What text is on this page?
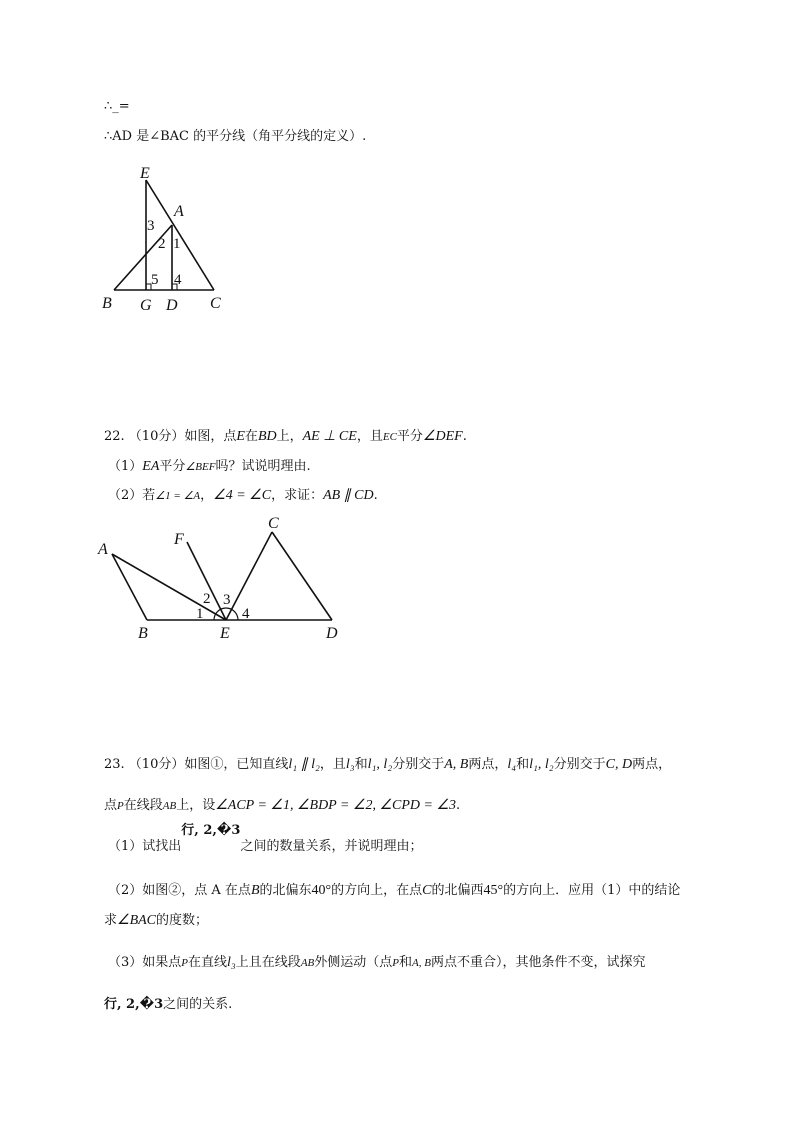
∴_=
∴AD 是∠BAC 的平分线（角平分线的定义）.
E
A
B G D C
3
2 1
5 4
22. （10分）如图，点E在BD上，AE ⊥ CE，且EC平分∠DEF.
（1）EA平分∠BEF吗？试说明理由.
（2）若∠1 = ∠A，∠4 = ∠C，求证：AB ∥ CD.
A
F
C
B	E	D
2 3
1	4
23. （10分）如图①，已知直线l₁ ∥ l₂，且l₃和l₁, l₂分别交于A, B两点，l₄和l₁, l₂分别交于C, D两点，
点P在线段AB上，设∠ACP = ∠1, ∠BDP = ∠2, ∠CPD = ∠3.
（1）试找出行, 2,�3之间的数量关系，并说明理由；
（2）如图②，点 A 在点B的北偏东40°的方向上，在点C的北偏西45°的方向上．应用（1）中的结论
求∠BAC的度数；
（3）如果点P在直线l₃上且在线段AB外侧运动（点P和A, B两点不重合），其他条件不变，试探究
行, 2,�3之间的关系.
